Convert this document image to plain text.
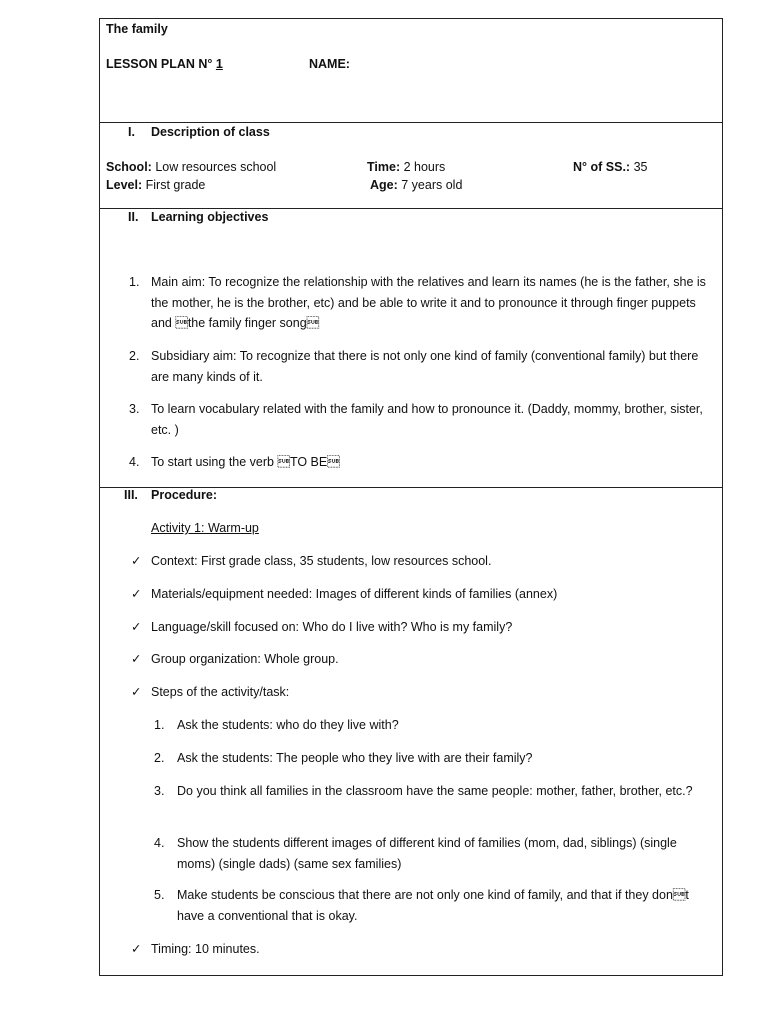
The family
LESSON PLAN N° 1	NAME:
I. Description of class
School: Low resources school	Time: 2 hours	N° of SS.: 35
Level: First grade	Age: 7 years old
II. Learning objectives
1. Main aim: To recognize the relationship with the relatives and learn its names (he is the father, she is the mother, he is the brother, etc) and be able to write it and to pronounce it through finger puppets and the family finger song
2. Subsidiary aim: To recognize that there is not only one kind of family (conventional family) but there are many kinds of it.
3. To learn vocabulary related with the family and how to pronounce it. (Daddy, mommy, brother, sister, etc. )
4. To start using the verb TO BE
III. Procedure:
Activity 1: Warm-up
✓ Context: First grade class, 35 students, low resources school.
✓ Materials/equipment needed: Images of different kinds of families (annex)
✓ Language/skill focused on: Who do I live with? Who is my family?
✓ Group organization: Whole group.
✓ Steps of the activity/task:
1. Ask the students: who do they live with?
2. Ask the students: The people who they live with are their family?
3. Do you think all families in the classroom have the same people: mother, father, brother, etc.?
4. Show the students different images of different kind of families (mom, dad, siblings) (single moms) (single dads) (same sex families)
5. Make students be conscious that there are not only one kind of family, and that if they dont have a conventional that is okay.
✓ Timing: 10 minutes.
